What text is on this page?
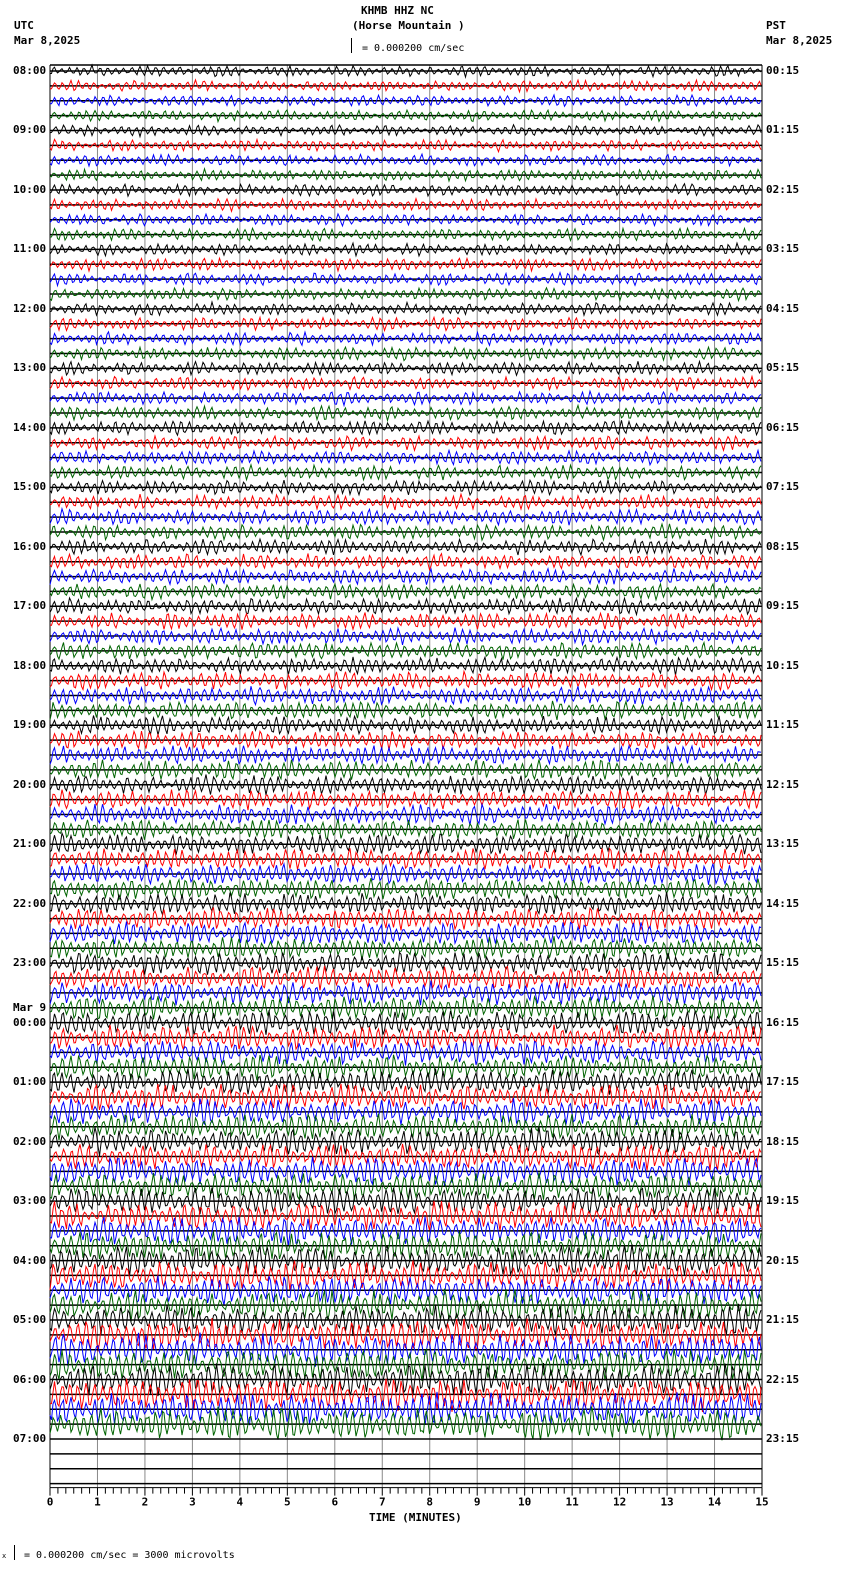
KHMB HHZ NC
(Horse Mountain )
UTC
Mar 8,2025
PST
Mar 8,2025
= 0.000200 cm/sec
0	1	2	3	4	5	6	7	8	9	10	11	12	13	14	15
TIME (MINUTES)
x = 0.000200 cm/sec = 3000 microvolts
08:00
09:00
10:00
11:00
12:00
13:00
14:00
15:00
16:00
17:00
18:00
19:00
20:00
21:00
22:00
23:00
00:00
Mar 9
01:00
02:00
03:00
04:00
05:00
06:00
07:00
00:15
01:15
02:15
03:15
04:15
05:15
06:15
07:15
08:15
09:15
10:15
11:15
12:15
13:15
14:15
15:15
16:15
17:15
18:15
19:15
20:15
21:15
22:15
23:15
